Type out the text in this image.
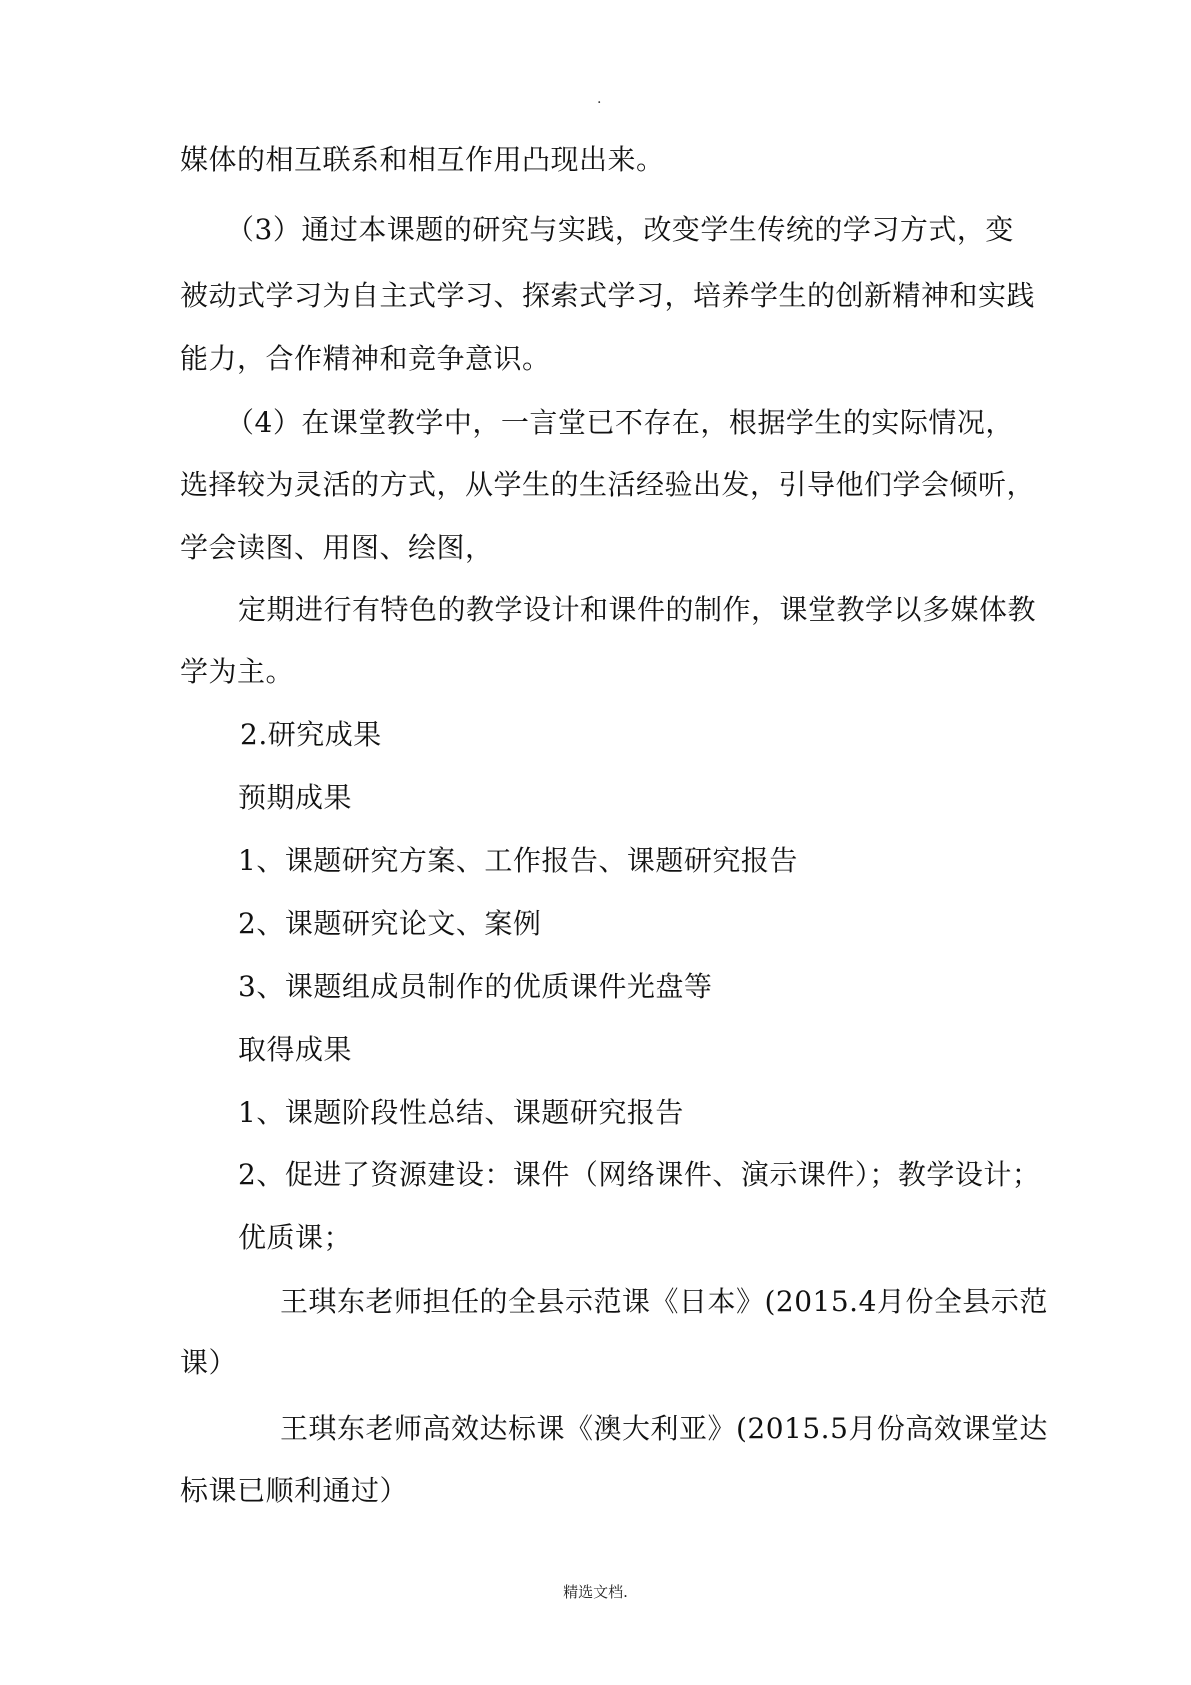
.
媒体的相互联系和相互作用凸现出来。
（3）通过本课题的研究与实践，改变学生传统的学习方式，变
被动式学习为自主式学习、探索式学习，培养学生的创新精神和实践
能力，合作精神和竞争意识。
（4）在课堂教学中，一言堂已不存在，根据学生的实际情况，
选择较为灵活的方式，从学生的生活经验出发，引导他们学会倾听，
学会读图、用图、绘图，
定期进行有特色的教学设计和课件的制作，课堂教学以多媒体教
学为主。
2.研究成果
预期成果
1、课题研究方案、工作报告、课题研究报告
2、课题研究论文、案例
3、课题组成员制作的优质课件光盘等
取得成果
1、课题阶段性总结、课题研究报告
2、促进了资源建设：课件（网络课件、演示课件）；教学设计；
优质课；
王琪东老师担任的全县示范课《日本》(2015.4月份全县示范
课）
王琪东老师高效达标课《澳大利亚》(2015.5月份高效课堂达
标课已顺利通过）
精选文档.
